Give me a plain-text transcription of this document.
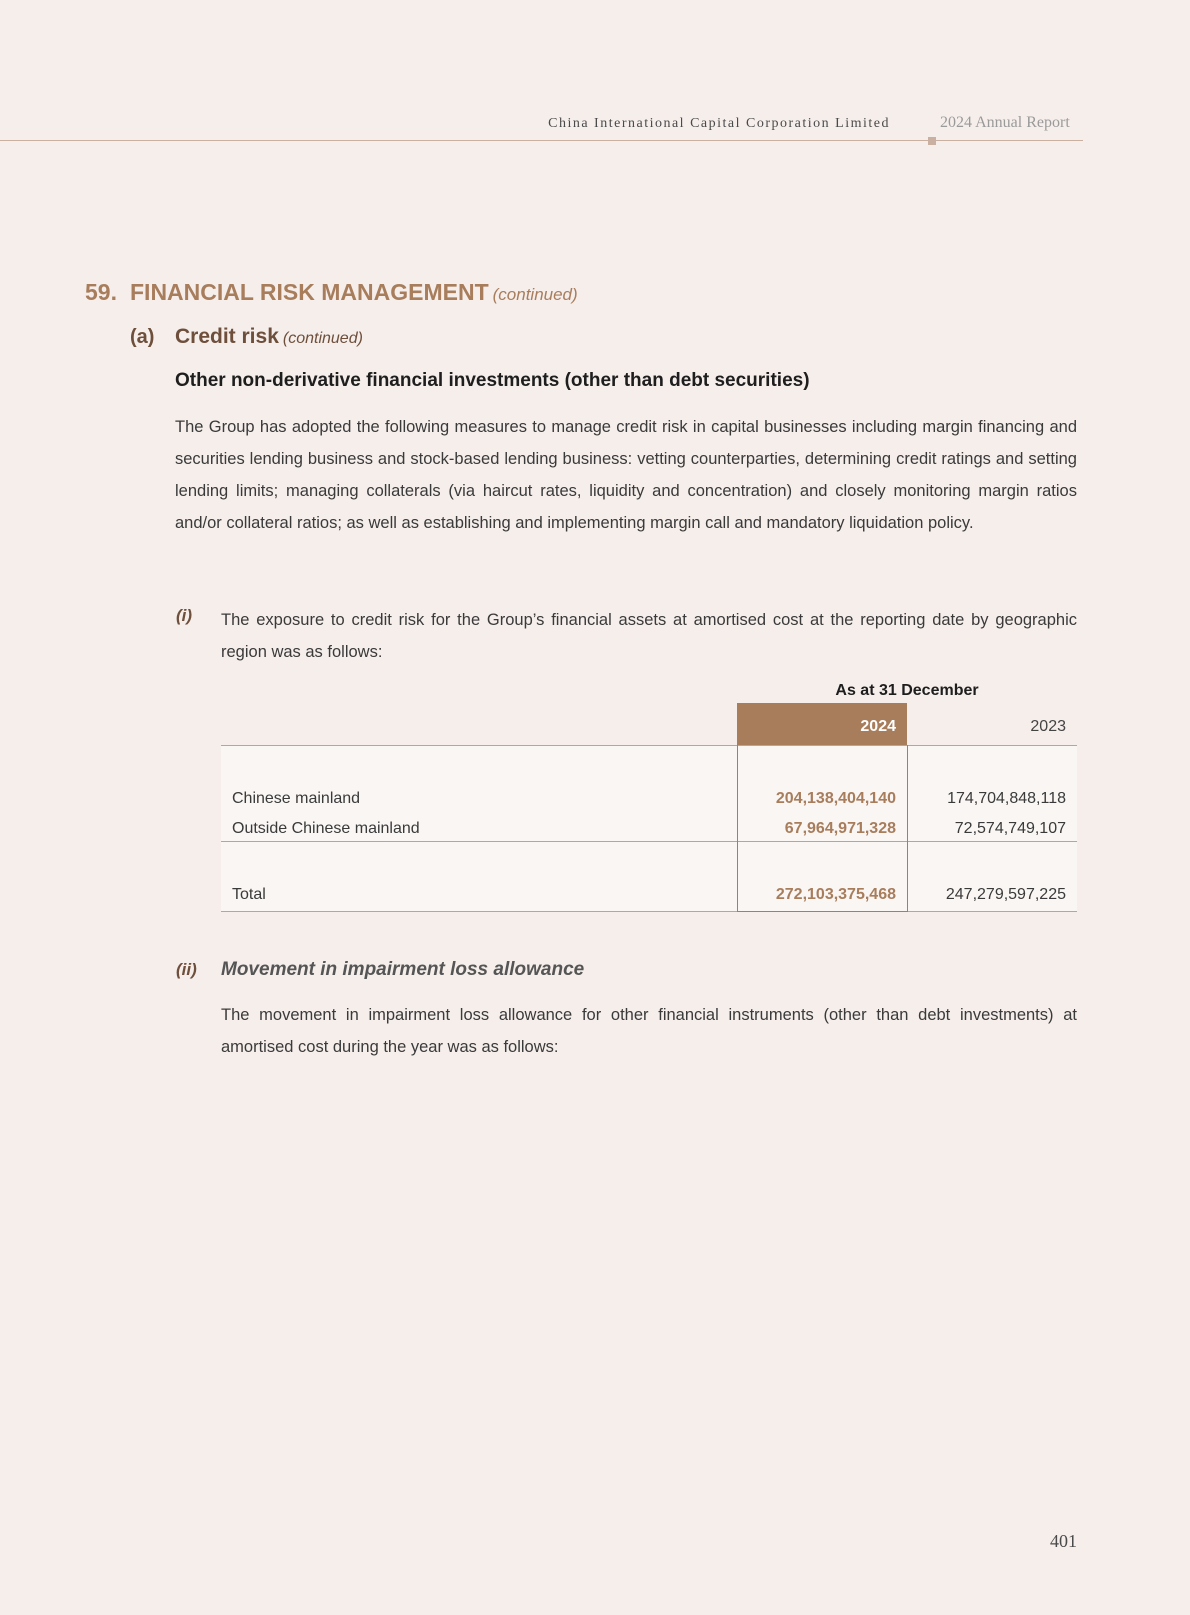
China International Capital Corporation Limited	2024 Annual Report
59. FINANCIAL RISK MANAGEMENT (continued)
(a) Credit risk (continued)
Other non-derivative financial investments (other than debt securities)
The Group has adopted the following measures to manage credit risk in capital businesses including margin financing and securities lending business and stock-based lending business: vetting counterparties, determining credit ratings and setting lending limits; managing collaterals (via haircut rates, liquidity and concentration) and closely monitoring margin ratios and/or collateral ratios; as well as establishing and implementing margin call and mandatory liquidation policy.
(i) The exposure to credit risk for the Group’s financial assets at amortised cost at the reporting date by geographic region was as follows:
As at 31 December
2024	2023
Chinese mainland	204,138,404,140	174,704,848,118
Outside Chinese mainland	67,964,971,328	72,574,749,107
Total	272,103,375,468	247,279,597,225
(ii) Movement in impairment loss allowance
The movement in impairment loss allowance for other financial instruments (other than debt investments) at amortised cost during the year was as follows:
401
